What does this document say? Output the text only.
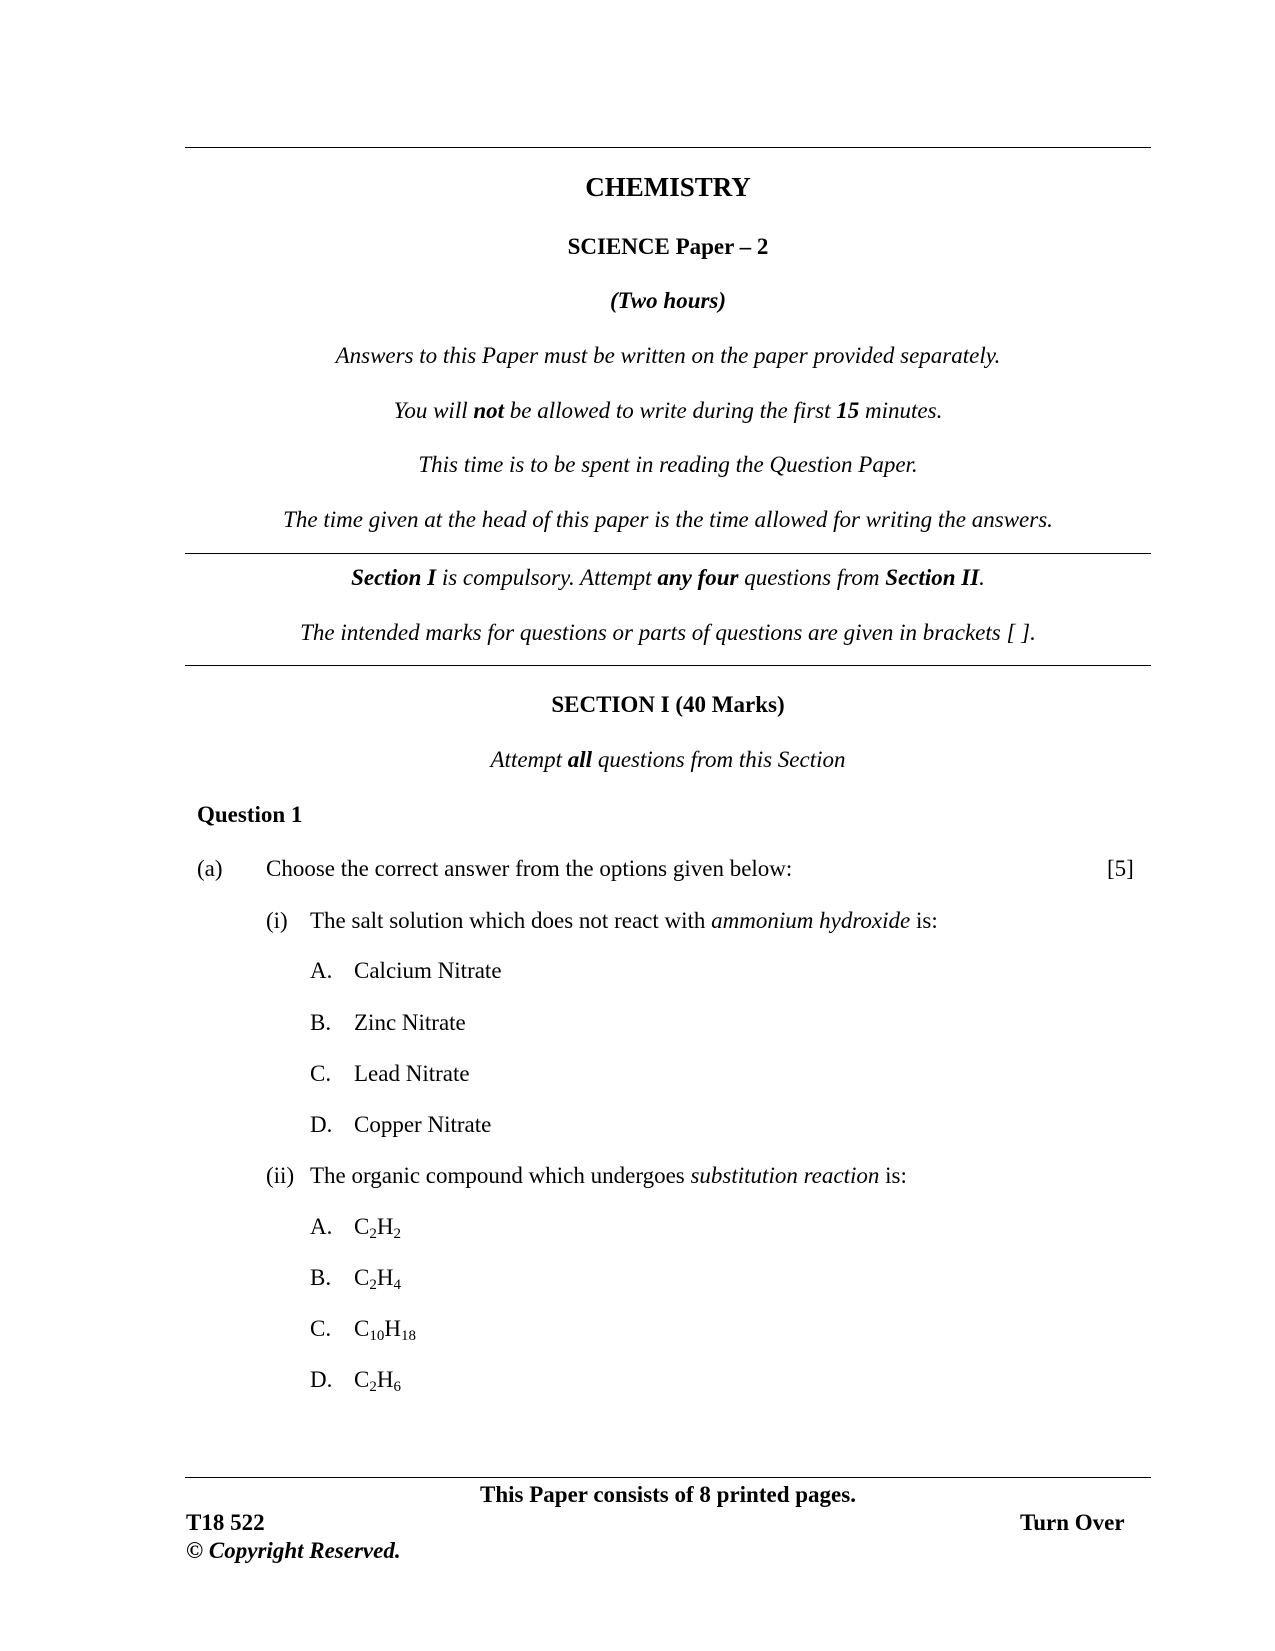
CHEMISTRY
SCIENCE Paper – 2
(Two hours)
Answers to this Paper must be written on the paper provided separately.
You will not be allowed to write during the first 15 minutes.
This time is to be spent in reading the Question Paper.
The time given at the head of this paper is the time allowed for writing the answers.
Section I is compulsory. Attempt any four questions from Section II.
The intended marks for questions or parts of questions are given in brackets [ ].
SECTION I (40 Marks)
Attempt all questions from this Section
Question 1
(a) Choose the correct answer from the options given below:	[5]
(i) The salt solution which does not react with ammonium hydroxide is:
A. Calcium Nitrate
B. Zinc Nitrate
C. Lead Nitrate
D. Copper Nitrate
(ii) The organic compound which undergoes substitution reaction is:
A. $C_2H_2$
B. $C_2H_4$
C. $C_{10}H_{18}$
D. $C_2H_6$
This Paper consists of 8 printed pages.
T18 522	Turn Over
© Copyright Reserved.
